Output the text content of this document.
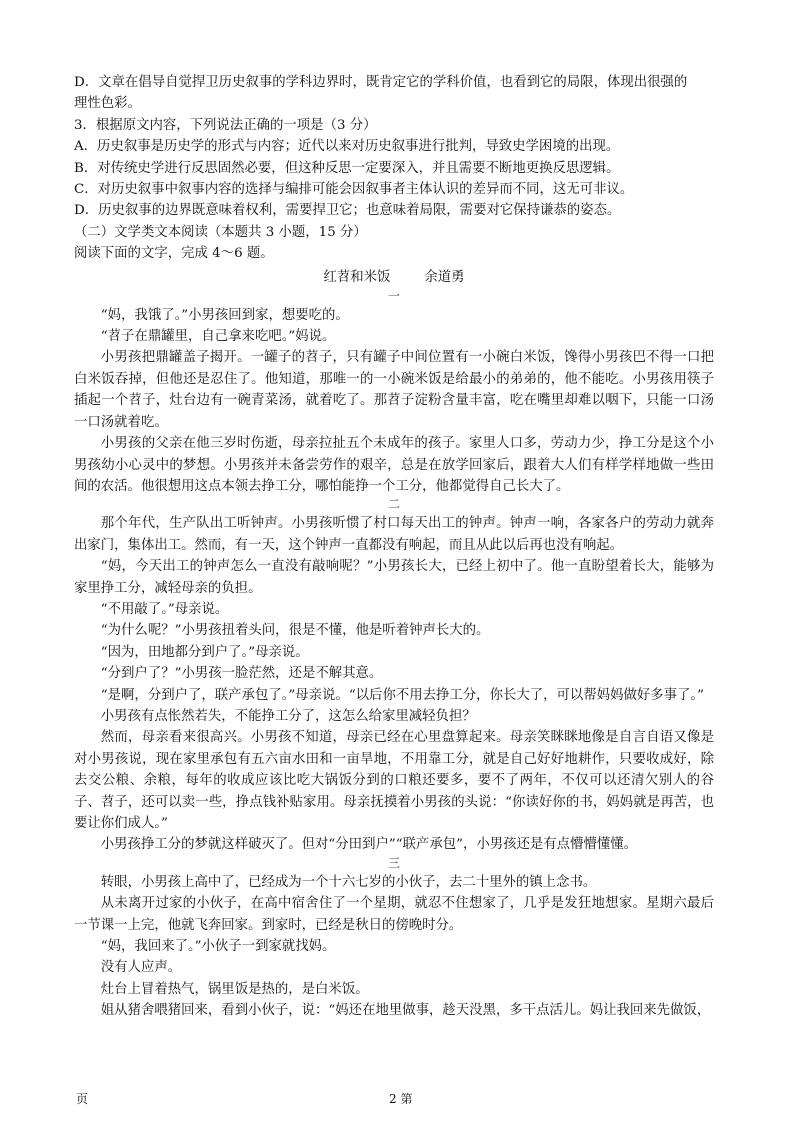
D．文章在倡导自觉捍卫历史叙事的学科边界时，既肯定它的学科价值，也看到它的局限，体现出很强的
理性色彩。
3．根据原文内容，下列说法正确的一项是（3 分）
A．历史叙事是历史学的形式与内容；近代以来对历史叙事进行批判，导致史学困境的出现。
B．对传统史学进行反思固然必要，但这种反思一定要深入，并且需要不断地更换反思逻辑。
C．对历史叙事中叙事内容的选择与编排可能会因叙事者主体认识的差异而不同，这无可非议。
D．历史叙事的边界既意味着权利，需要捍卫它；也意味着局限，需要对它保持谦恭的姿态。
（二）文学类文本阅读（本题共 3 小题，15 分）
阅读下面的文字，完成 4～6 题。
红苕和米饭	余道勇
一
“妈，我饿了。”小男孩回到家，想要吃的。
“苕子在鼎罐里，自己拿来吃吧。”妈说。
小男孩把鼎罐盖子揭开。一罐子的苕子，只有罐子中间位置有一小碗白米饭，馋得小男孩巴不得一口把白米饭吞掉，但他还是忍住了。他知道，那唯一的一小碗米饭是给最小的弟弟的，他不能吃。小男孩用筷子插起一个苕子，灶台边有一碗青菜汤，就着吃了。那苕子淀粉含量丰富，吃在嘴里却难以咽下，只能一口汤一口汤就着吃。
小男孩的父亲在他三岁时伤逝，母亲拉扯五个未成年的孩子。家里人口多，劳动力少，挣工分是这个小男孩幼小心灵中的梦想。小男孩并未备尝劳作的艰辛，总是在放学回家后，跟着大人们有样学样地做一些田间的农活。他很想用这点本领去挣工分，哪怕能挣一个工分，他都觉得自己长大了。
二
那个年代，生产队出工听钟声。小男孩听惯了村口每天出工的钟声。钟声一响，各家各户的劳动力就奔出家门，集体出工。然而，有一天，这个钟声一直都没有响起，而且从此以后再也没有响起。
“妈，今天出工的钟声怎么一直没有敲响呢？”小男孩长大，已经上初中了。他一直盼望着长大，能够为家里挣工分，减轻母亲的负担。
“不用敲了。”母亲说。
“为什么呢？”小男孩扭着头问，很是不懂，他是听着钟声长大的。
“因为，田地都分到户了。”母亲说。
“分到户了？”小男孩一脸茫然，还是不解其意。
“是啊，分到户了，联产承包了。”母亲说。“以后你不用去挣工分，你长大了，可以帮妈妈做好多事了。”
小男孩有点怅然若失，不能挣工分了，这怎么给家里减轻负担？
然而，母亲看来很高兴。小男孩不知道，母亲已经在心里盘算起来。母亲笑眯眯地像是自言自语又像是对小男孩说，现在家里承包有五六亩水田和一亩旱地，不用靠工分，就是自己好好地耕作，只要收成好，除去交公粮、余粮，每年的收成应该比吃大锅饭分到的口粮还要多，要不了两年，不仅可以还清欠别人的谷子、苕子，还可以卖一些，挣点钱补贴家用。母亲抚摸着小男孩的头说：“你读好你的书，妈妈就是再苦，也要让你们成人。”
小男孩挣工分的梦就这样破灭了。但对“分田到户”“联产承包”，小男孩还是有点懵懵懂懂。
三
转眼，小男孩上高中了，已经成为一个十六七岁的小伙子，去二十里外的镇上念书。
从未离开过家的小伙子，在高中宿舍住了一个星期，就忍不住想家了，几乎是发狂地想家。星期六最后一节课一上完，他就飞奔回家。到家时，已经是秋日的傍晚时分。
“妈，我回来了。”小伙子一到家就找妈。
没有人应声。
灶台上冒着热气，锅里饭是热的，是白米饭。
姐从猪舍喂猪回来，看到小伙子，说：“妈还在地里做事，趁天没黑，多干点活儿。妈让我回来先做饭，
页	2 第
